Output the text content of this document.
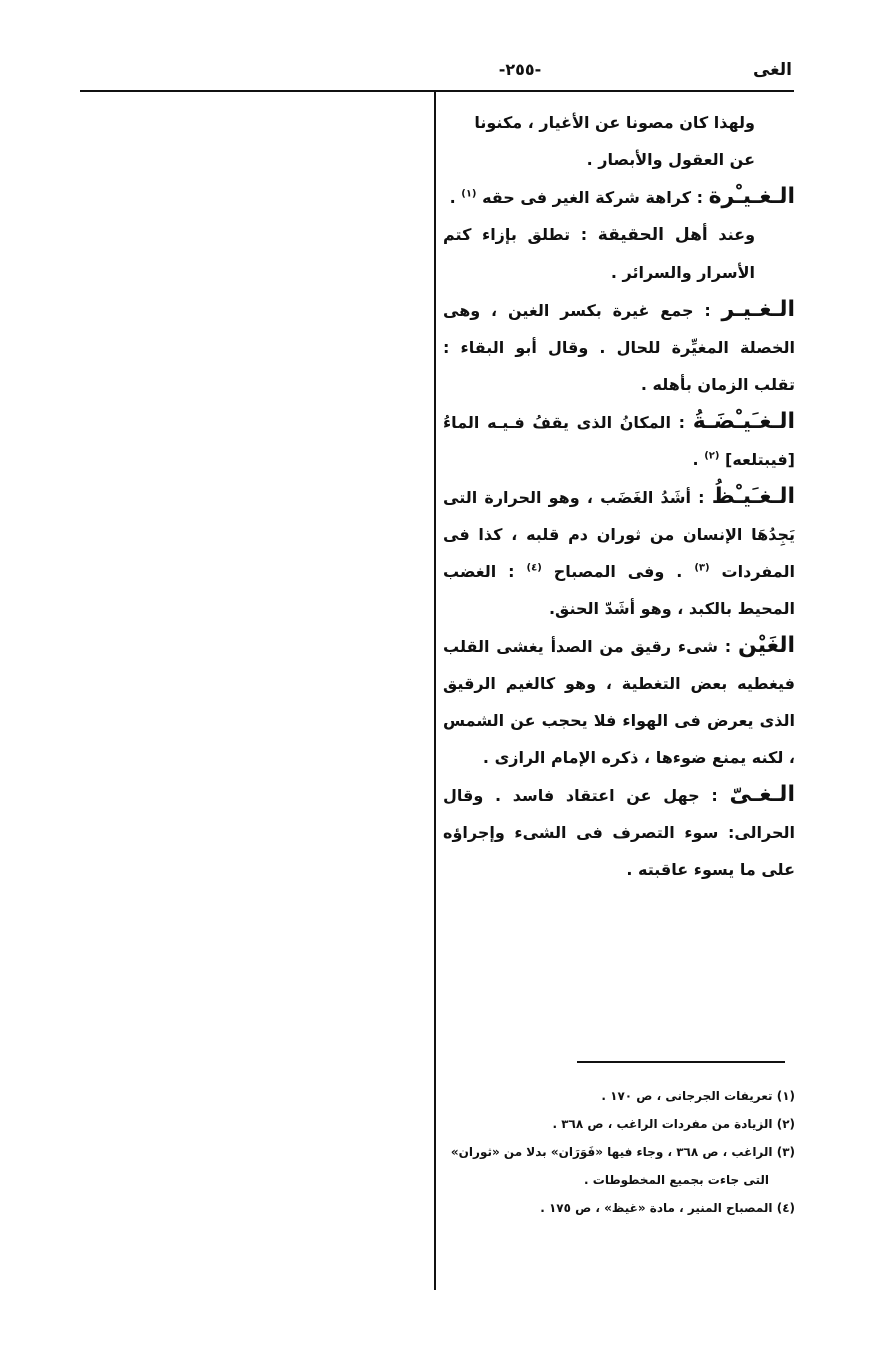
-٢٥٥-	الغى

ولهذا كان مصونا عن الأغيار ، مكنونا
عن العقول والأبصار .

الـغـيـْرة : كراهة شركة الغير فى حقه $^{(١)}$ .

وعند أهل الحقيقة : تطلق بإزاء كتم الأسرار والسرائر .

الـغـيـر : جمع غيرة بكسر الغين ، وهى الخصلة المغيِّرة للحال . وقال أبو البقاء : تقلب الزمان بأهله .

الـغـَيـْضَـةُ : المكانُ الذى يقفُ فـيـه الماءُ [فيبتلعه] $^{(٢)}$ .

الـغـَيـْظُ : أشَدُ الغَضَب ، وهو الحرارة التى يَجِدُهَا الإنسان من ثوران دم قلبه ، كذا فى المفردات $^{(٣)}$ . وفى المصباح $^{(٤)}$ : الغضب المحيط بالكبد ، وهو أشَدّ الحنق.

الغَيْن : شىء رقيق من الصدأ يغشى القلب فيغطيه بعض التغطية ، وهو كالغيم الرقيق الذى يعرض فى الهواء فلا يحجب عن الشمس ، لكنه يمنع ضوءها ، ذكره الإمام الرازى .

الـغـىّ : جهل عن اعتقاد فاسد . وقال الحرالى: سوء التصرف فى الشىء وإجراؤه على ما يسوء عاقبته .

(١) تعريفات الجرجانى ، ص ١٧٠ .

(٢) الزيادة من مفردات الراغب ، ص ٣٦٨ .

(٣) الراغب ، ص ٣٦٨ ، وجاء فيها «فَوَرَان» بدلا من «ثوران»

التى جاءت بجميع المخطوطات .

(٤) المصباح المنير ، مادة «غيظ» ، ص ١٧٥ .
